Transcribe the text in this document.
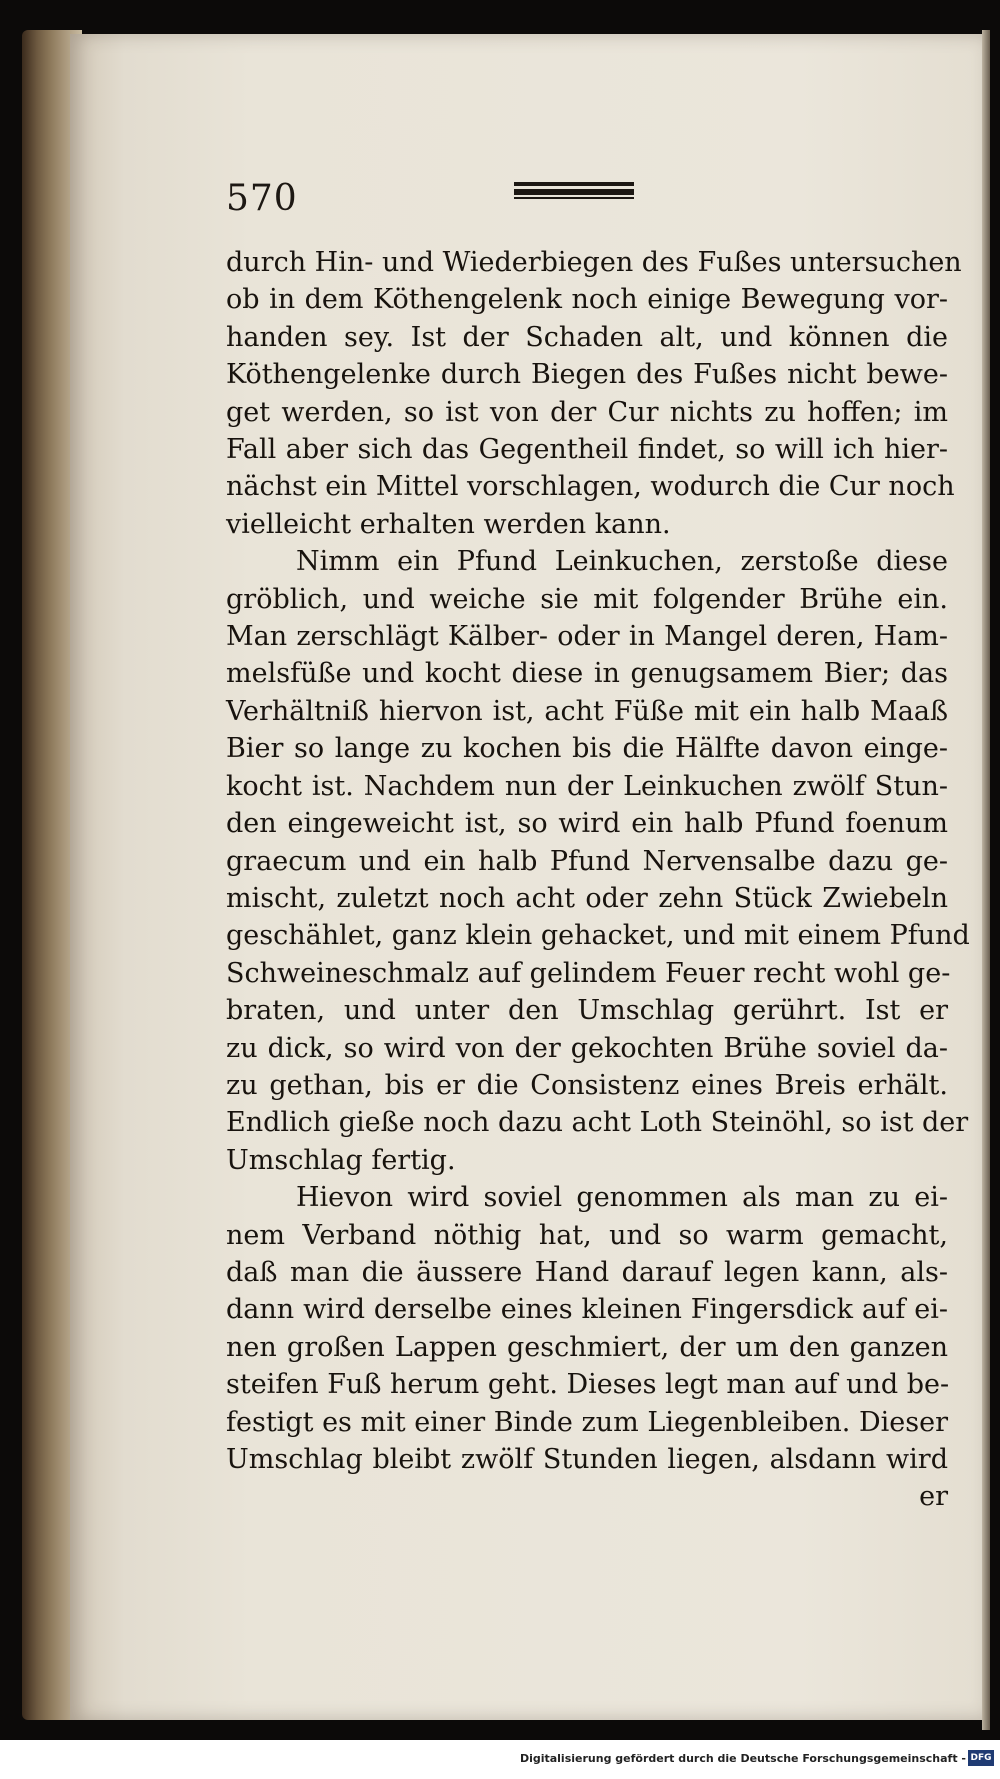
570
durch Hin- und Wiederbiegen des Fußes untersuchen
ob in dem Köthengelenk noch einige Bewegung vor-
handen sey. Ist der Schaden alt, und können die
Köthengelenke durch Biegen des Fußes nicht bewe-
get werden, so ist von der Cur nichts zu hoffen; im
Fall aber sich das Gegentheil findet, so will ich hier-
nächst ein Mittel vorschlagen, wodurch die Cur noch
vielleicht erhalten werden kann.
Nimm ein Pfund Leinkuchen, zerstoße diese
gröblich, und weiche sie mit folgender Brühe ein.
Man zerschlägt Kälber- oder in Mangel deren, Ham-
melsfüße und kocht diese in genugsamem Bier; das
Verhältniß hiervon ist, acht Füße mit ein halb Maaß
Bier so lange zu kochen bis die Hälfte davon einge-
kocht ist. Nachdem nun der Leinkuchen zwölf Stun-
den eingeweicht ist, so wird ein halb Pfund foenum
graecum und ein halb Pfund Nervensalbe dazu ge-
mischt, zuletzt noch acht oder zehn Stück Zwiebeln
geschählet, ganz klein gehacket, und mit einem Pfund
Schweineschmalz auf gelindem Feuer recht wohl ge-
braten, und unter den Umschlag gerührt. Ist er
zu dick, so wird von der gekochten Brühe soviel da-
zu gethan, bis er die Consistenz eines Breis erhält.
Endlich gieße noch dazu acht Loth Steinöhl, so ist der
Umschlag fertig.
Hievon wird soviel genommen als man zu ei-
nem Verband nöthig hat, und so warm gemacht,
daß man die äussere Hand darauf legen kann, als-
dann wird derselbe eines kleinen Fingersdick auf ei-
nen großen Lappen geschmiert, der um den ganzen
steifen Fuß herum geht. Dieses legt man auf und be-
festigt es mit einer Binde zum Liegenbleiben. Dieser
Umschlag bleibt zwölf Stunden liegen, alsdann wird
er
Digitalisierung gefördert durch die Deutsche Forschungsgemeinschaft - DFG
